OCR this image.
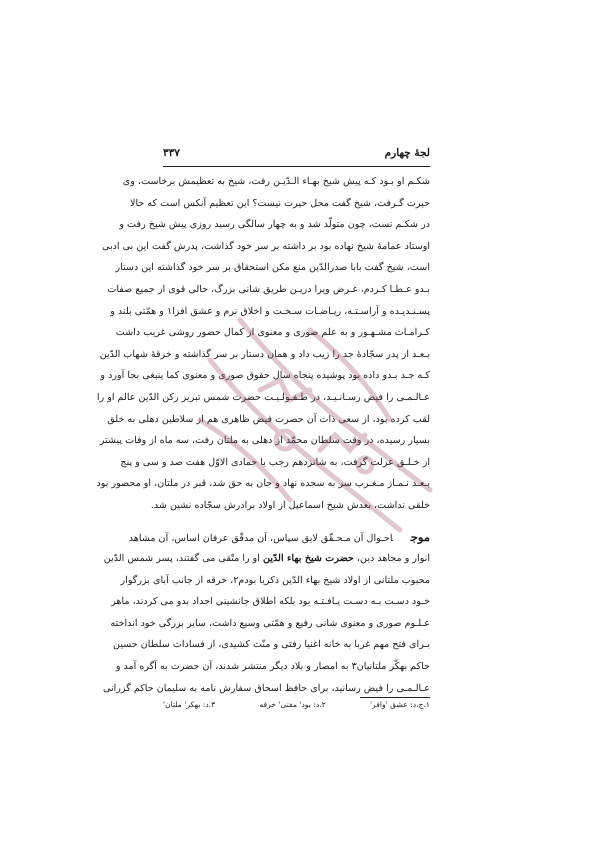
لجهٔ چهارم
۳۳۷
شکـم او بـود کـه پیش شیخ بهـاء الـدّیـن رفت، شیخ به تعظیمش برخاست، وی
حیرت گـرفت، شیخ گفت محل حیرت نیست؟ این تعظیم آنکس است که حالا
در شکـم تست، چون متولّد شد و به چهار سالگی رسید روزی پیش شیخ رفت و
اوستاد عمامهٔ شیخ نهاده بود بر داشته بر سر خود گذاشت، پدرش گفت این بی ادبی
است، شیخ گفت بابا صدرالدّین منع مکن استحقاق بر سر خود گذاشته این دستار
بـدو عـطـا کـردم، غـرض ویرا دریـن طریق شانی بزرگ، حالی قوی از جمیع صفات
پسـنـدیـده و آراسـتـه، ریـاضـات سـخـت و اخلاق نرم و عشق افزا۱ و همّتی بلند و
کـرامـات مشـهـور و به علم صوری و معنوی از کمال حضور روشی غریب داشت
بـعـد از پدر سجّادهٔ جد را زیب داد و همان دستار بر سر گذاشته و خرقهٔ شهاب الدّین
کـه جـد بـدو داده بود پوشیده پنجاه سال حقوق صوری و معنوی کما ینبغی بجا آورد و
عـالـمـی را فیض رسـانـیـد، در طـفـولـیـت حضرت شمس تبریز رکن الدّین عالم او را
لقب کرده بود، از سعی ذات آن حضرت فیض ظاهری هم از سلاطین دهلی به خلق
بسیار رسیده، در وقت سلطان محمّد از دهلی به ملتان رفت، سه ماه از وفات پیشتر
از خـلـق عزلت گرفت، به شانزدهم رجب یا جمادی الاوّل هفت صد و سی و پنج
بـعـد نـمـاز مـغـرب سر به سجده نهاد و جان به حق شد، قبر در ملتان، او محصور بود
خلقی نداشت، بعدش شیخ اسماعیل از اولاد برادرش سجّاده نشین شد.
موجاحـوال آن مـحـقّق لایق سپاس، آن مدقّق عرفان اساس، آن مشاهد
انوار و مجاهد دین، حضرت شیخ بهاء الدّین او را متّقی می گفتند، پسر شمس الدّین
محبوب ملتانی از اولاد شیخ بهاء الدّین ذکریا بودم۲، خرقه از جانب آبای بزرگوار
خـود دسـت بـه دسـت یـافـتـه بود بلکه اطلاق جانشینی اجداد بدو می کردند، ماهر
عـلـوم صوری و معنوی شانی رفیع و همّتی وسیع داشت، سایر بزرگی خود انداخته
بـرای فتح مهم غربا به خانه اغنیا رفتی و منّت کشیدی، از فسادات سلطان حسین
حاکم بهکّر ملتانیان۳ به امصار و بلاد دیگر منتشر شدند، آن حضرت به آگره آمد و
عـالـمـی را فیض رسانید، برای حافظ اسحاق سفارش نامه به سلیمان حاکم گزرانی
۱.ج،د: عشق 'وافر'
۲.د: بود' مفتی' خرقه
۳.د: بهکر' ملتان'
